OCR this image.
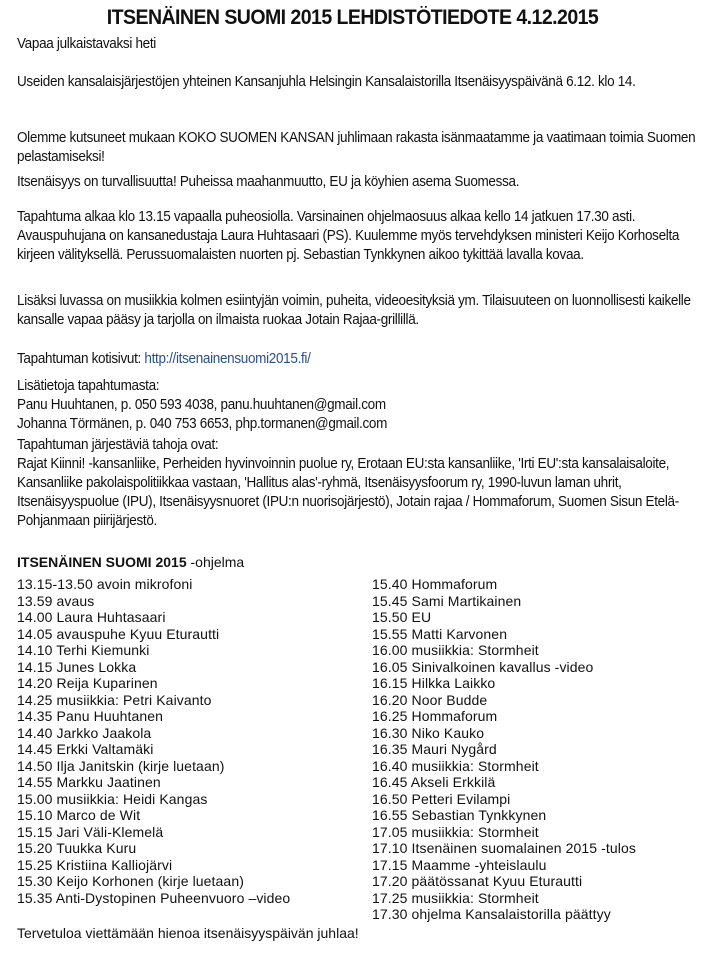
ITSENÄINEN SUOMI 2015 LEHDISTÖTIEDOTE 4.12.2015
Vapaa julkaistavaksi heti
Useiden kansalaisjärjestöjen yhteinen Kansanjuhla Helsingin Kansalaistorilla Itsenäisyyspäivänä 6.12. klo 14.
Olemme kutsuneet mukaan KOKO SUOMEN KANSAN juhlimaan rakasta isänmaatamme ja vaatimaan toimia Suomen pelastamiseksi!
Itsenäisyys on turvallisuutta! Puheissa maahanmuutto, EU ja köyhien asema Suomessa.
Tapahtuma alkaa klo 13.15 vapaalla puheosiolla. Varsinainen ohjelmaosuus alkaa kello 14 jatkuen 17.30 asti. Avauspuhujana on kansanedustaja Laura Huhtasaari (PS). Kuulemme myös tervehdyksen ministeri Keijo Korhoselta kirjeen välityksellä. Perussuomalaisten nuorten pj. Sebastian Tynkkynen aikoo tykittää lavalla kovaa.
Lisäksi luvassa on musiikkia kolmen esiintyjän voimin, puheita, videoesityksiä ym. Tilaisuuteen on luonnollisesti kaikelle kansalle vapaa pääsy ja tarjolla on ilmaista ruokaa Jotain Rajaa-grillillä.
Tapahtuman kotisivut: http://itsenainensuomi2015.fi/
Lisätietoja tapahtumasta:
Panu Huuhtanen, p. 050 593 4038, panu.huuhtanen@gmail.com
Johanna Törmänen, p. 040 753 6653, php.tormanen@gmail.com
Tapahtuman järjestäviä tahoja ovat:
Rajat Kiinni! -kansanliike, Perheiden hyvinvoinnin puolue ry, Erotaan EU:sta kansanliike, 'Irti EU':sta kansalaisaloite, Kansanliike pakolaispolitiikkaa vastaan, 'Hallitus alas'-ryhmä, Itsenäisyysfoorum ry, 1990-luvun laman uhrit, Itsenäisyyspuolue (IPU), Itsenäisyysnuoret (IPU:n nuorisojärjestö), Jotain rajaa / Hommaforum, Suomen Sisun Etelä-Pohjanmaan piirijärjestö.
ITSENÄINEN SUOMI 2015 -ohjelma
13.15-13.50 avoin mikrofoni
13.59 avaus
14.00 Laura Huhtasaari
14.05 avauspuhe Kyuu Eturautti
14.10 Terhi Kiemunki
14.15 Junes Lokka
14.20 Reija Kuparinen
14.25 musiikkia: Petri Kaivanto
14.35 Panu Huuhtanen
14.40 Jarkko Jaakola
14.45 Erkki Valtamäki
14.50 Ilja Janitskin (kirje luetaan)
14.55 Markku Jaatinen
15.00 musiikkia: Heidi Kangas
15.10 Marco de Wit
15.15 Jari Väli-Klemelä
15.20 Tuukka Kuru
15.25 Kristiina Kalliojärvi
15.30 Keijo Korhonen (kirje luetaan)
15.35 Anti-Dystopinen Puheenvuoro –video
15.40 Hommaforum
15.45 Sami Martikainen
15.50 EU
15.55 Matti Karvonen
16.00 musiikkia: Stormheit
16.05 Sinivalkoinen kavallus -video
16.15 Hilkka Laikko
16.20 Noor Budde
16.25 Hommaforum
16.30 Niko Kauko
16.35 Mauri Nygård
16.40 musiikkia: Stormheit
16.45 Akseli Erkkilä
16.50 Petteri Evilampi
16.55 Sebastian Tynkkynen
17.05 musiikkia: Stormheit
17.10 Itsenäinen suomalainen 2015 -tulos
17.15 Maamme -yhteislaulu
17.20 päätössanat Kyuu Eturautti
17.25 musiikkia: Stormheit
17.30 ohjelma Kansalaistorilla päättyy
Tervetuloa viettämään hienoa itsenäisyyspäivän juhlaa!
